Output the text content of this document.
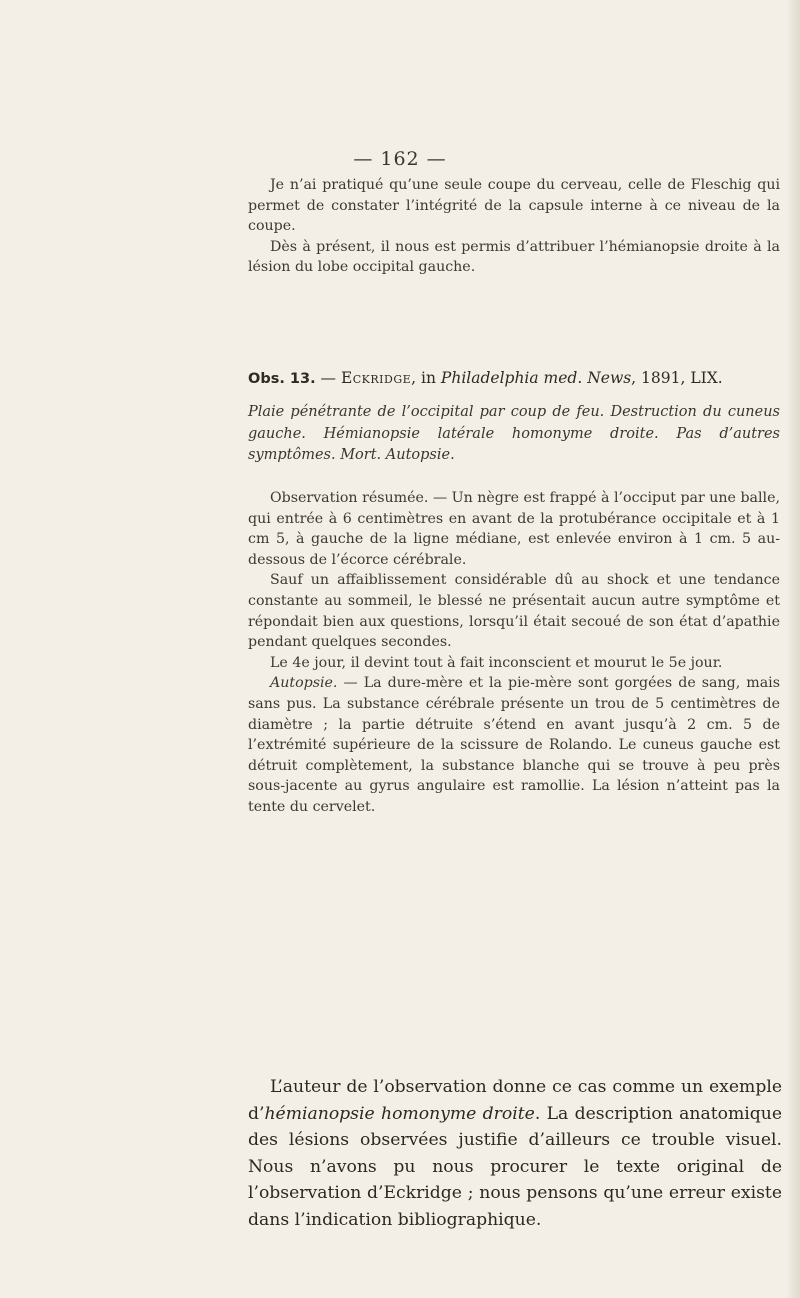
— 162 —

Je n’ai pratiqué qu’une seule coupe du cerveau, celle de Fleschig qui permet de constater l’intégrité de la capsule interne à ce niveau de la coupe.

Dès à présent, il nous est permis d’attribuer l’hémianopsie droite à la lésion du lobe occipital gauche.

Obs. 13. — Eckridge, in Philadelphia med. News, 1891, LIX.

Plaie pénétrante de l’occipital par coup de feu. Destruction du cuneus gauche. Hémianopsie latérale homonyme droite. Pas d’autres symptômes. Mort. Autopsie.

Observation résumée. — Un nègre est frappé à l’occiput par une balle, qui entrée à 6 centimètres en avant de la protubérance occipitale et à 1 cm 5, à gauche de la ligne médiane, est enlevée environ à 1 cm. 5 au-dessous de l’écorce cérébrale.

Sauf un affaiblissement considérable dû au shock et une tendance constante au sommeil, le blessé ne présentait aucun autre symptôme et répondait bien aux questions, lorsqu’il était secoué de son état d’apathie pendant quelques secondes.

Le 4e jour, il devint tout à fait inconscient et mourut le 5e jour.

Autopsie. — La dure-mère et la pie-mère sont gorgées de sang, mais sans pus. La substance cérébrale présente un trou de 5 centimètres de diamètre ; la partie détruite s’étend en avant jusqu’à 2 cm. 5 de l’extrémité supérieure de la scissure de Rolando. Le cuneus gauche est détruit complètement, la substance blanche qui se trouve à peu près sous-jacente au gyrus angulaire est ramollie. La lésion n’atteint pas la tente du cervelet.

L’auteur de l’observation donne ce cas comme un exemple d’hémianopsie homonyme droite. La description anatomique des lésions observées justifie d’ailleurs ce trouble visuel. Nous n’avons pu nous procurer le texte original de l’observation d’Eckridge ; nous pensons qu’une erreur existe dans l’indication bibliographique.
